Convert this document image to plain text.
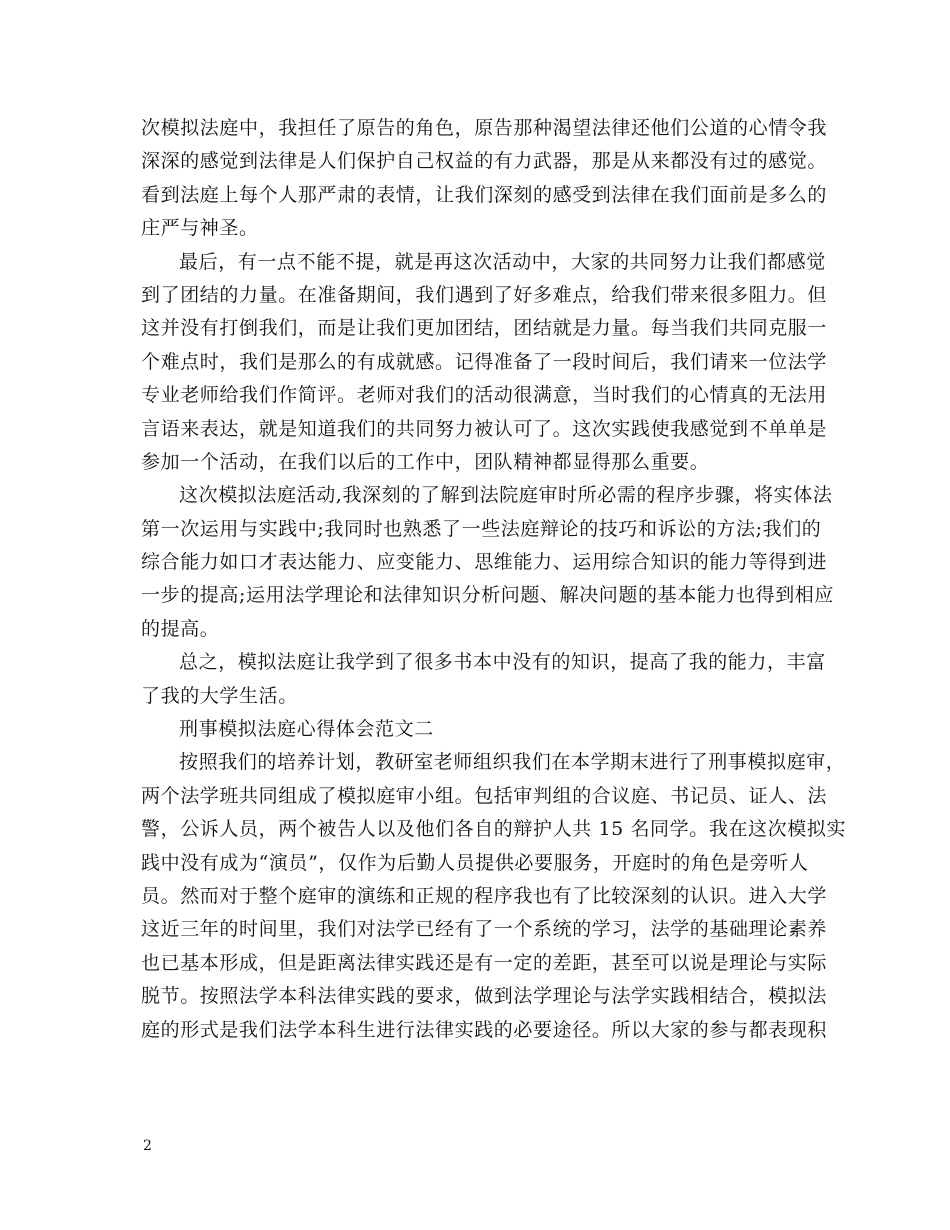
次模拟法庭中，我担任了原告的角色，原告那种渴望法律还他们公道的心情令我
深深的感觉到法律是人们保护自己权益的有力武器，那是从来都没有过的感觉。
看到法庭上每个人那严肃的表情，让我们深刻的感受到法律在我们面前是多么的
庄严与神圣。
最后，有一点不能不提，就是再这次活动中，大家的共同努力让我们都感觉
到了团结的力量。在准备期间，我们遇到了好多难点，给我们带来很多阻力。但
这并没有打倒我们，而是让我们更加团结，团结就是力量。每当我们共同克服一
个难点时，我们是那么的有成就感。记得准备了一段时间后，我们请来一位法学
专业老师给我们作简评。老师对我们的活动很满意，当时我们的心情真的无法用
言语来表达，就是知道我们的共同努力被认可了。这次实践使我感觉到不单单是
参加一个活动，在我们以后的工作中，团队精神都显得那么重要。
这次模拟法庭活动,我深刻的了解到法院庭审时所必需的程序步骤，将实体法
第一次运用与实践中;我同时也熟悉了一些法庭辩论的技巧和诉讼的方法;我们的
综合能力如口才表达能力、应变能力、思维能力、运用综合知识的能力等得到进
一步的提高;运用法学理论和法律知识分析问题、解决问题的基本能力也得到相应
的提高。
总之，模拟法庭让我学到了很多书本中没有的知识，提高了我的能力，丰富
了我的大学生活。
刑事模拟法庭心得体会范文二
按照我们的培养计划，教研室老师组织我们在本学期末进行了刑事模拟庭审，
两个法学班共同组成了模拟庭审小组。包括审判组的合议庭、书记员、证人、法
警，公诉人员，两个被告人以及他们各自的辩护人共 15 名同学。我在这次模拟实
践中没有成为“演员”，仅作为后勤人员提供必要服务，开庭时的角色是旁听人
员。然而对于整个庭审的演练和正规的程序我也有了比较深刻的认识。进入大学
这近三年的时间里，我们对法学已经有了一个系统的学习，法学的基础理论素养
也已基本形成，但是距离法律实践还是有一定的差距，甚至可以说是理论与实际
脱节。按照法学本科法律实践的要求，做到法学理论与法学实践相结合，模拟法
庭的形式是我们法学本科生进行法律实践的必要途径。所以大家的参与都表现积
2
